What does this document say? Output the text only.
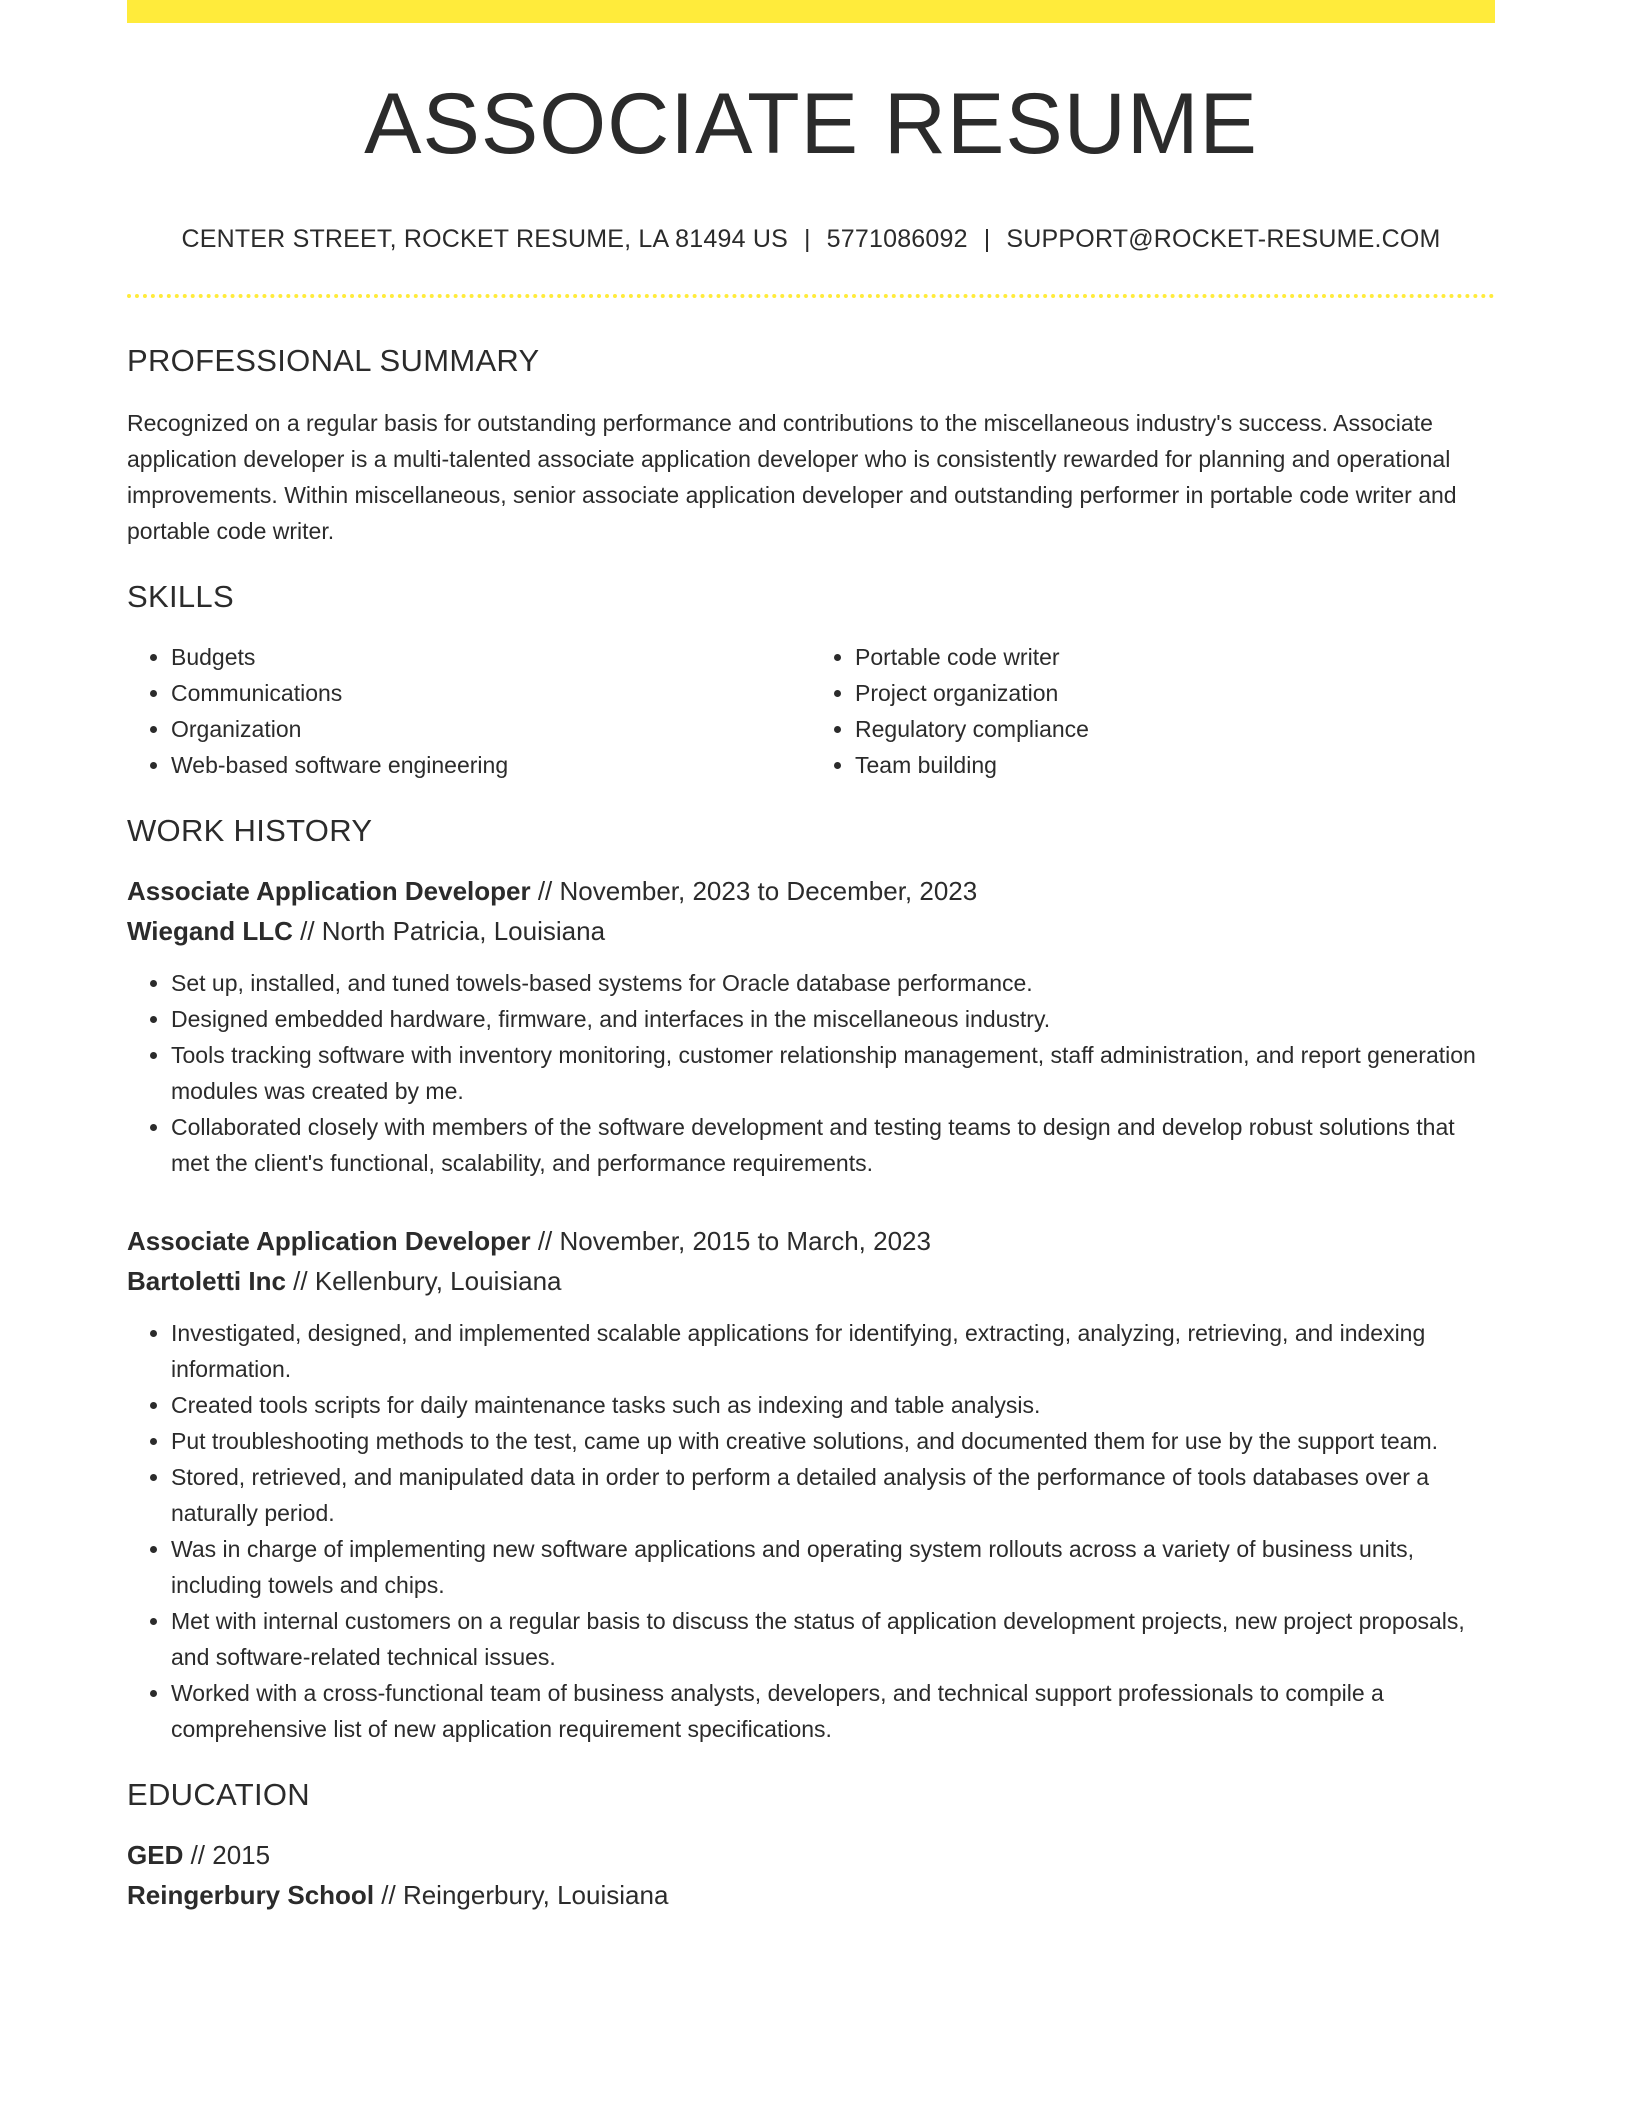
ASSOCIATE RESUME
CENTER STREET, ROCKET RESUME, LA 81494 US | 5771086092 | SUPPORT@ROCKET-RESUME.COM
PROFESSIONAL SUMMARY

Recognized on a regular basis for outstanding performance and contributions to the miscellaneous industry's success. Associate application developer is a multi-talented associate application developer who is consistently rewarded for planning and operational improvements. Within miscellaneous, senior associate application developer and outstanding performer in portable code writer and portable code writer.

SKILLS
• Budgets
• Communications
• Organization
• Web-based software engineering
• Portable code writer
• Project organization
• Regulatory compliance
• Team building
WORK HISTORY
Associate Application Developer // November, 2023 to December, 2023
Wiegand LLC // North Patricia, Louisiana
• Set up, installed, and tuned towels-based systems for Oracle database performance.
• Designed embedded hardware, firmware, and interfaces in the miscellaneous industry.
• Tools tracking software with inventory monitoring, customer relationship management, staff administration, and report generation modules was created by me.
• Collaborated closely with members of the software development and testing teams to design and develop robust solutions that met the client's functional, scalability, and performance requirements.
Associate Application Developer // November, 2015 to March, 2023
Bartoletti Inc // Kellenbury, Louisiana
• Investigated, designed, and implemented scalable applications for identifying, extracting, analyzing, retrieving, and indexing information.
• Created tools scripts for daily maintenance tasks such as indexing and table analysis.
• Put troubleshooting methods to the test, came up with creative solutions, and documented them for use by the support team.
• Stored, retrieved, and manipulated data in order to perform a detailed analysis of the performance of tools databases over a naturally period.
• Was in charge of implementing new software applications and operating system rollouts across a variety of business units, including towels and chips.
• Met with internal customers on a regular basis to discuss the status of application development projects, new project proposals, and software-related technical issues.
• Worked with a cross-functional team of business analysts, developers, and technical support professionals to compile a comprehensive list of new application requirement specifications.
EDUCATION
GED // 2015
Reingerbury School // Reingerbury, Louisiana
